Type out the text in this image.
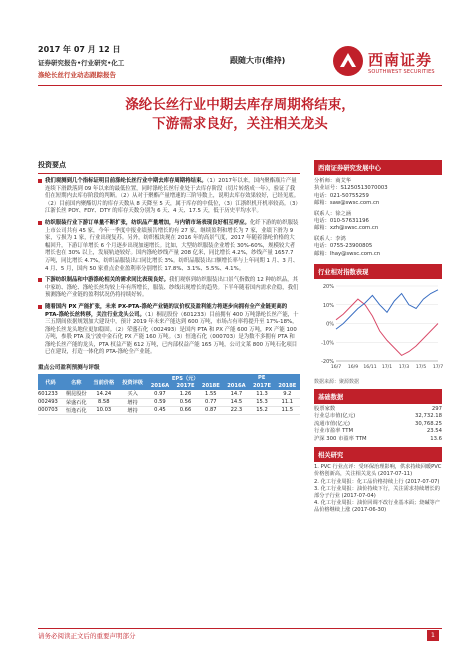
2017 年 07 月 12 日
证券研究报告•行业研究•化工
涤纶长丝行业动态跟踪报告
跟随大市(维持)	西南证券
SOUTHWEST SECURITIES
涤纶长丝行业中期去库存周期将结束，
下游需求良好，关注相关龙头
投资要点
我们观测到几个指标证明目前涤纶长丝行业中期去库存周期将结束。（1）2017年以来，国内聚酯瓶片产量连续下滑跌落到 09 年以来的最低位置，同时涤纶长丝行业处于去库存阶段（切片转熔成一年），验证了我们在短期内去库存阶段的判断。（2）从对于聚酯产量增速的三阶导数上，说明去库存效果较好，已经见底。（2）目前国内聚酯切片的库存天数从 8 天降至 5 天，属于库存的中低位，（3）江浙织机开机率较高。（3）江浙长丝 POY、FDY、DTY 的库存天数分别为 6 天、4 天、17.5 天，低于历史平均水平。
纺织服装行业下游订单量不断扩张，纺织品产量增加，与内销市场表现良好相互呼应。化纤下游的纺织服装上市公司共有 45 家，今年一季度中报业绩预告增长的有 27 家，继续盈利和增长为 7 家，业绩下滑为 9 家，亏损为 1 家，行业出现复苏。另外，纺织板块现在 2016 年的高景气度，2017 年随着涤纶价格的大幅回升，下游订单增长 6 个月逐步出现加速增长。比如，大型纺织服装企业增长 30%-60%，规模较大者增长也在 30% 以上，发展轨迹较好。国内涤纶纱线产量 208 亿米，同比增长 4.2%，纱线产量 1657.7 万吨，同比增长 4.7%，纺织品服装出口同比增长 3%。纺织品服装出口额增长率与上年同期 1 月、3 月、4 月、5 月，国内 50 家重点企业盈利率分别增长 17.8%、3.1%、5.5%、4.1%。
下游纺织制品和中游涤纶相关的需求同比表现良好。我们观察到纺织服装出口景气指数的 12 种纺织品，其中家纺、涤纶、涤纶长丝均较上年有所增长，服装、纱线出现增长的趋势。下半年随着国内需求企稳，我们预测涤纶产业链的盈利状况仍将持续好转。
随着国内 PX 产能扩张，未来 PX-PTA-涤纶产业链的议价权及盈利能力将逐步向拥有全产业链更高的 PTA-涤纶长丝转移，关注行业龙头公司。（1）桐昆股份（601233）目前拥有 400 万吨涤纶长丝产能，十三五期间依据规划加大建设中，预计 2019 年未来产能达到 600 万吨，市场占有率将提升至 17%-18%，涤纶长丝龙头地位更加稳固。（2）荣盛石化（002493）是国内 PTA 和 PX 产能 600 万吨，PX 产能 100 万吨，参股 PTA 及宁波中金石化 PX 产能 160 万吨。（3）恒逸石化（000703）是为数不多拥有 PTA 和涤纶长丝产能的龙头，PTA 权益产能 612 万吨，已内部权益产能 165 万吨，公司文莱 800 万吨石化项目已在建设，打造一体化的 PTA-涤纶全产业链。
重点公司盈利预测与评级
代码	名称	当前价格	投资评级	EPS（元）			PE		
				2016A	2017E	2018E	2016A	2017E	2018E
601233	桐昆股份	14.24	买入	0.97	1.26	1.55	14.7	11.3	9.2
002493	荣盛石化	8.58	增持	0.59	0.56	0.77	14.5	15.3	11.1
000703	恒逸石化	10.03	增持	0.45	0.66	0.87	22.3	15.2	11.5
西南证券研究发展中心
分析师：商艾华
执业证号：S1250513070003
电话：021-50755259
邮箱：saw@swsc.com.cn
联系人：徐之涵
电话：010-57631196
邮箱：xzh@swsc.com.cn
联系人：李鸿
电话：0755-23900805
邮箱：lhay@swsc.com.cn
行业相对指数表现
20%
10%
0%
-10%
-20%
16/7 16/9 16/11 17/1 17/3 17/5 17/7
数据来源：聚源数据
基础数据
股票家数	297
行业总市值(亿元)	32,732.18
流通市值(亿元)	30,768.25
行业市盈率 TTM	23.54
沪深 300 市盈率 TTM	13.6
相关研究
1. PVC 行业点评：受环保治理影响，供求持续回暖PVC 价格创新高，关注相关龙头 (2017-07-11)
2. 化工行业周报：化工品价格持续上行 (2017-07-07)
3. 化工行业周报：油价持续下行，关注需求持续增长的部分子行业 (2017-07-04)
4. 化工行业周报：油价回调不改行业基本面；烧碱等产品价格继续上涨 (2017-06-30)
请务必阅读正文后的重要声明部分	1
